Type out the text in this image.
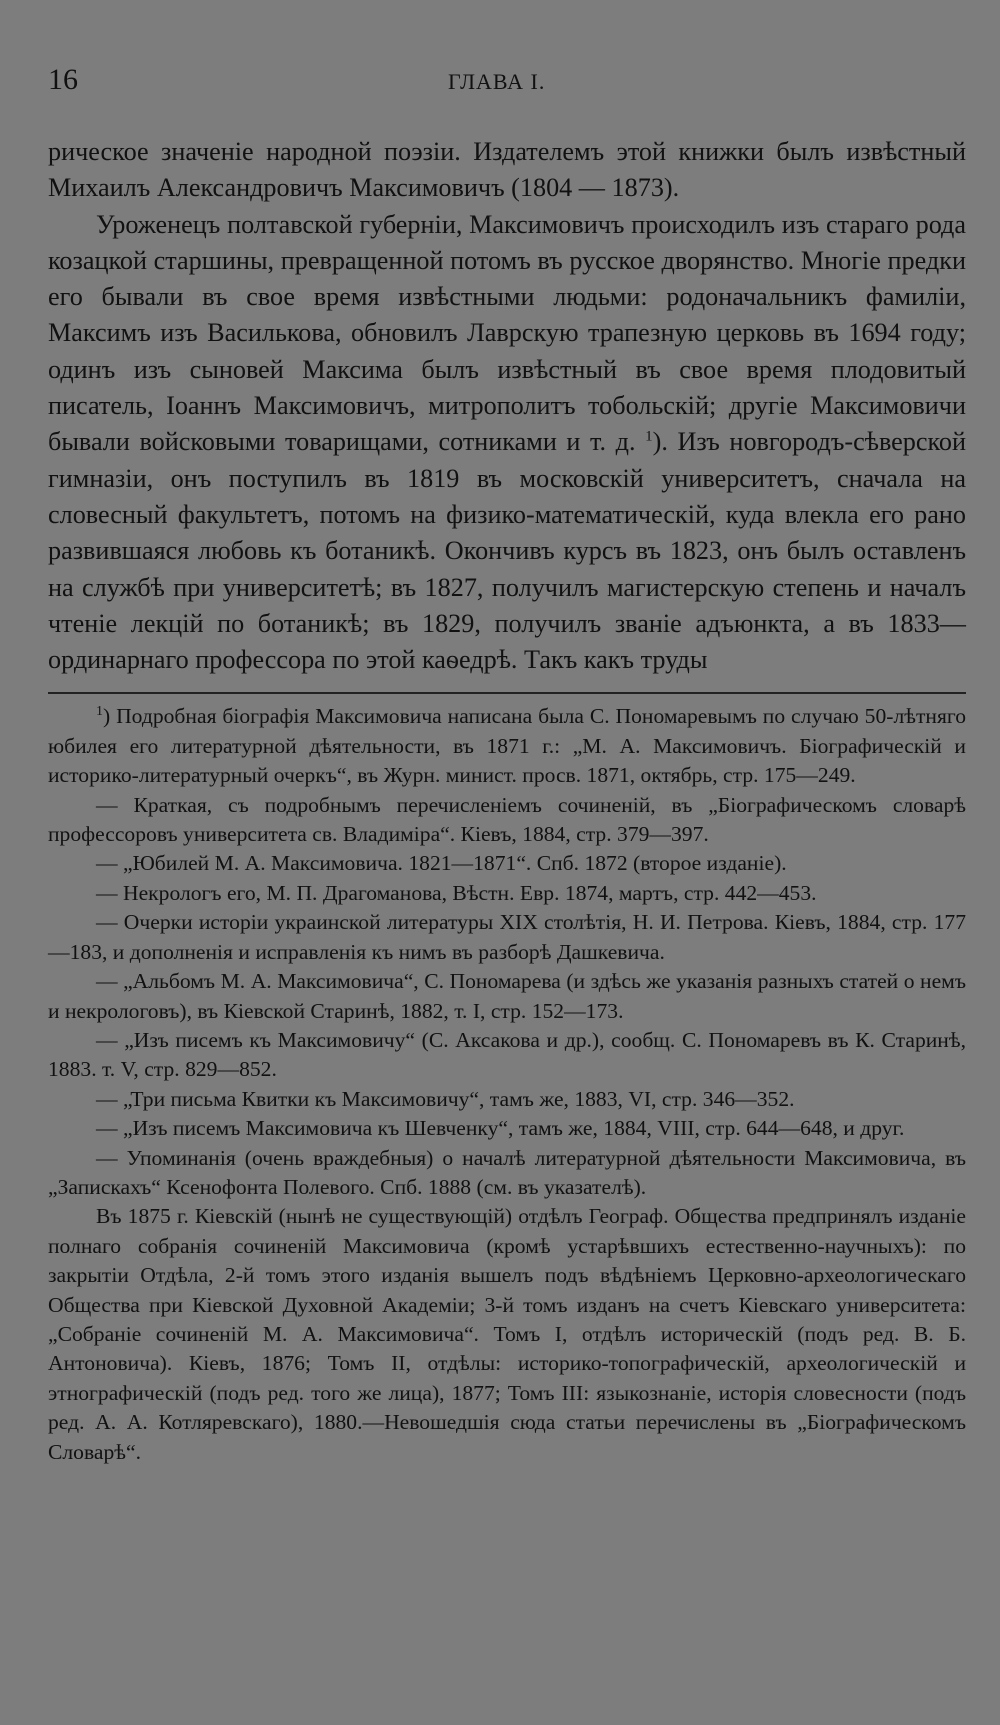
16	ГЛАВА I.

рическое значеніе народной поэзіи. Издателемъ этой книжки былъ извѣстный Михаилъ Александровичъ Максимовичъ (1804 — 1873).

Уроженецъ полтавской губерніи, Максимовичъ происходилъ изъ стараго рода козацкой старшины, превращенной потомъ въ русское дворянство. Многіе предки его бывали въ свое время извѣстными людьми: родоначальникъ фамиліи, Максимъ изъ Василькова, обновилъ Лаврскую трапезную церковь въ 1694 году; одинъ изъ сыновей Максима былъ извѣстный въ свое время плодовитый писатель, Іоаннъ Максимовичъ, митрополитъ тобольскій; другіе Максимовичи бывали войсковыми товарищами, сотниками и т. д. $^1$). Изъ новгородъ-сѣверской гимназіи, онъ поступилъ въ 1819 въ московскій университетъ, сначала на словесный факультетъ, потомъ на физико-математическій, куда влекла его рано развившаяся любовь къ ботаникѣ. Окончивъ курсъ въ 1823, онъ былъ оставленъ на службѣ при университетѣ; въ 1827, получилъ магистерскую степень и началъ чтеніе лекцій по ботаникѣ; въ 1829, получилъ званіе адъюнкта, а въ 1833—ординарнаго профессора по этой каѳедрѣ. Такъ какъ труды

$^1$) Подробная біографія Максимовича написана была С. Пономаревымъ по случаю 50-лѣтняго юбилея его литературной дѣятельности, въ 1871 г.: „М. А. Максимовичъ. Біографическій и историко-литературный очеркъ“, въ Журн. минист. просв. 1871, октябрь, стр. 175—249.

— Краткая, съ подробнымъ перечисленіемъ сочиненій, въ „Біографическомъ словарѣ профессоровъ университета св. Владиміра“. Кіевъ, 1884, стр. 379—397.

— „Юбилей М. А. Максимовича. 1821—1871“. Спб. 1872 (второе изданіе).

— Некрологъ его, М. П. Драгоманова, Вѣстн. Евр. 1874, мартъ, стр. 442—453.

— Очерки исторіи украинской литературы XIX столѣтія, Н. И. Петрова. Кіевъ, 1884, стр. 177—183, и дополненія и исправленія къ нимъ въ разборѣ Дашкевича.

— „Альбомъ М. А. Максимовича“, С. Пономарева (и здѣсь же указанія разныхъ статей о немъ и некрологовъ), въ Кіевской Старинѣ, 1882, т. I, стр. 152—173.

— „Изъ писемъ къ Максимовичу“ (С. Аксакова и др.), сообщ. С. Пономаревъ въ К. Старинѣ, 1883. т. V, стр. 829—852.

— „Три письма Квитки къ Максимовичу“, тамъ же, 1883, VI, стр. 346—352.

— „Изъ писемъ Максимовича къ Шевченку“, тамъ же, 1884, VIII, стр. 644—648, и друг.

— Упоминанія (очень враждебныя) о началѣ литературной дѣятельности Максимовича, въ „Запискахъ“ Ксенофонта Полевого. Спб. 1888 (см. въ указателѣ).

Въ 1875 г. Кіевскій (нынѣ не существующій) отдѣлъ Географ. Общества предпринялъ изданіе полнаго собранія сочиненій Максимовича (кромѣ устарѣвшихъ естественно-научныхъ): по закрытіи Отдѣла, 2-й томъ этого изданія вышелъ подъ вѣдѣніемъ Церковно-археологическаго Общества при Кіевской Духовной Академіи; 3-й томъ изданъ на счетъ Кіевскаго университета: „Собраніе сочиненій М. А. Максимовича“. Томъ I, отдѣлъ историческій (подъ ред. В. Б. Антоновича). Кіевъ, 1876; Томъ II, отдѣлы: историко-топографическій, археологическій и этнографическій (подъ ред. того же лица), 1877; Томъ III: языкознаніе, исторія словесности (подъ ред. А. А. Котляревскаго), 1880.—Невошедшія сюда статьи перечислены въ „Біографическомъ Словарѣ“.
